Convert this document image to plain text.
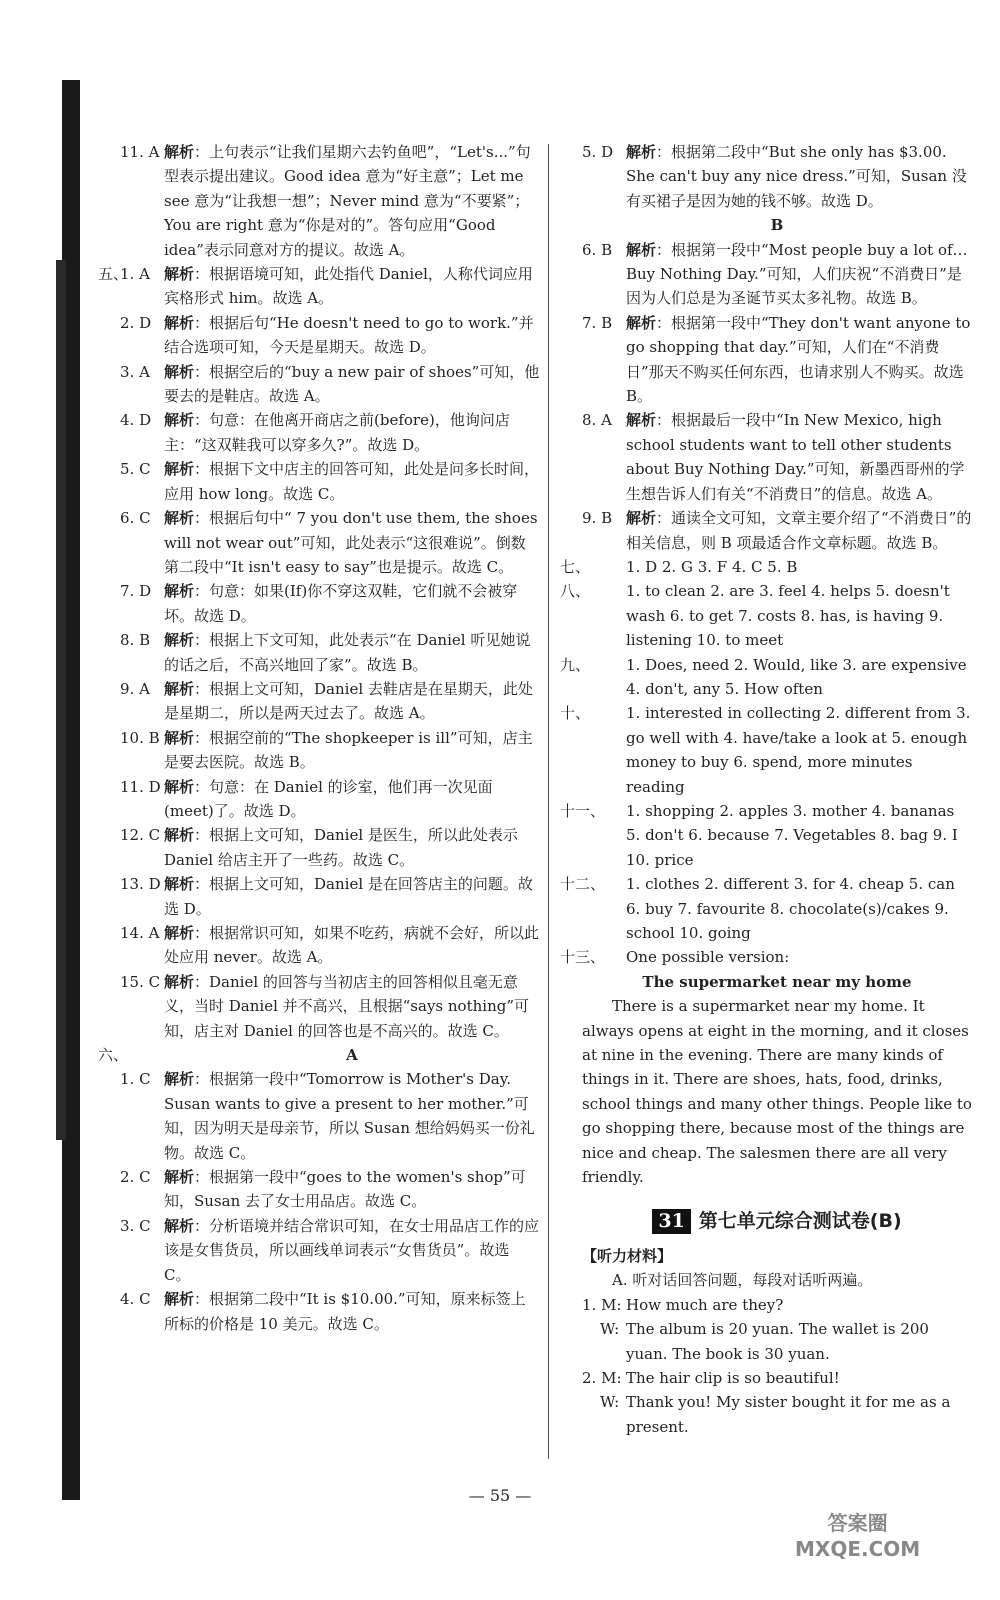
11. A 解析：上句表示“让我们星期六去钓鱼吧”，“Let's...”句型表示提出建议。Good idea 意为“好主意”；Let me see 意为“让我想一想”；Never mind 意为“不要紧”；You are right 意为“你是对的”。答句应用“Good idea”表示同意对方的提议。故选 A。

五、
1. A 解析：根据语境可知，此处指代 Daniel，人称代词应用宾格形式 him。故选 A。

2. D 解析：根据后句“He doesn't need to go to work.”并结合选项可知，今天是星期天。故选 D。

3. A 解析：根据空后的“buy a new pair of shoes”可知，他要去的是鞋店。故选 A。

4. D 解析：句意：在他离开商店之前(before)，他询问店主：“这双鞋我可以穿多久?”。故选 D。

5. C 解析：根据下文中店主的回答可知，此处是问多长时间，应用 how long。故选 C。

6. C 解析：根据后句中“ 7 you don't use them, the shoes will not wear out”可知，此处表示“这很难说”。倒数第二段中“It isn't easy to say”也是提示。故选 C。

7. D 解析：句意：如果(If)你不穿这双鞋，它们就不会被穿坏。故选 D。

8. B 解析：根据上下文可知，此处表示“在 Daniel 听见她说的话之后，不高兴地回了家”。故选 B。

9. A 解析：根据上文可知，Daniel 去鞋店是在星期天，此处是星期二，所以是两天过去了。故选 A。

10. B 解析：根据空前的“The shopkeeper is ill”可知，店主是要去医院。故选 B。

11. D 解析：句意：在 Daniel 的诊室，他们再一次见面(meet)了。故选 D。

12. C 解析：根据上文可知，Daniel 是医生，所以此处表示 Daniel 给店主开了一些药。故选 C。

13. D 解析：根据上文可知，Daniel 是在回答店主的问题。故选 D。

14. A 解析：根据常识可知，如果不吃药，病就不会好，所以此处应用 never。故选 A。

15. C 解析：Daniel 的回答与当初店主的回答相似且毫无意义，当时 Daniel 并不高兴，且根据“says nothing”可知，店主对 Daniel 的回答也是不高兴的。故选 C。

六、	A

1. C 解析：根据第一段中“Tomorrow is Mother's Day. Susan wants to give a present to her mother.”可知，因为明天是母亲节，所以 Susan 想给妈妈买一份礼物。故选 C。

2. C 解析：根据第一段中“goes to the women's shop”可知，Susan 去了女士用品店。故选 C。

3. C 解析：分析语境并结合常识可知，在女士用品店工作的应该是女售货员，所以画线单词表示“女售货员”。故选 C。

4. C 解析：根据第二段中“It is $10.00.”可知，原来标签上所标的价格是 10 美元。故选 C。

5. D 解析：根据第二段中“But she only has $3.00. She can't buy any nice dress.”可知，Susan 没有买裙子是因为她的钱不够。故选 D。

B

6. B 解析：根据第一段中“Most people buy a lot of… Buy Nothing Day.”可知，人们庆祝“不消费日”是因为人们总是为圣诞节买太多礼物。故选 B。

7. B 解析：根据第一段中“They don't want anyone to go shopping that day.”可知，人们在“不消费日”那天不购买任何东西，也请求别人不购买。故选 B。

8. A 解析：根据最后一段中“In New Mexico, high school students want to tell other students about Buy Nothing Day.”可知，新墨西哥州的学生想告诉人们有关“不消费日”的信息。故选 A。

9. B 解析：通读全文可知，文章主要介绍了“不消费日”的相关信息，则 B 项最适合作文章标题。故选 B。

七、 1. D 2. G 3. F 4. C 5. B

八、 1. to clean 2. are 3. feel 4. helps 5. doesn't wash 6. to get 7. costs 8. has, is having 9. listening 10. to meet

九、 1. Does, need 2. Would, like 3. are expensive 4. don't, any 5. How often

十、 1. interested in collecting 2. different from 3. go well with 4. have/take a look at 5. enough money to buy 6. spend, more minutes reading

十一、 1. shopping 2. apples 3. mother 4. bananas 5. don't 6. because 7. Vegetables 8. bag 9. I 10. price

十二、 1. clothes 2. different 3. for 4. cheap 5. can 6. buy 7. favourite 8. chocolate(s)/cakes 9. school 10. going

十三、 One possible version:

The supermarket near my home

There is a supermarket near my home. It always opens at eight in the morning, and it closes at nine in the evening. There are many kinds of things in it. There are shoes, hats, food, drinks, school things and many other things. People like to go shopping there, because most of the things are nice and cheap. The salesmen there are all very friendly.

31 第七单元综合测试卷(B)

【听力材料】

A. 听对话回答问题，每段对话听两遍。

1. M: How much are they?

W: The album is 20 yuan. The wallet is 200 yuan. The book is 30 yuan.

2. M: The hair clip is so beautiful!

W: Thank you! My sister bought it for me as a present.

— 55 —
答案圈
MXQE.COM
